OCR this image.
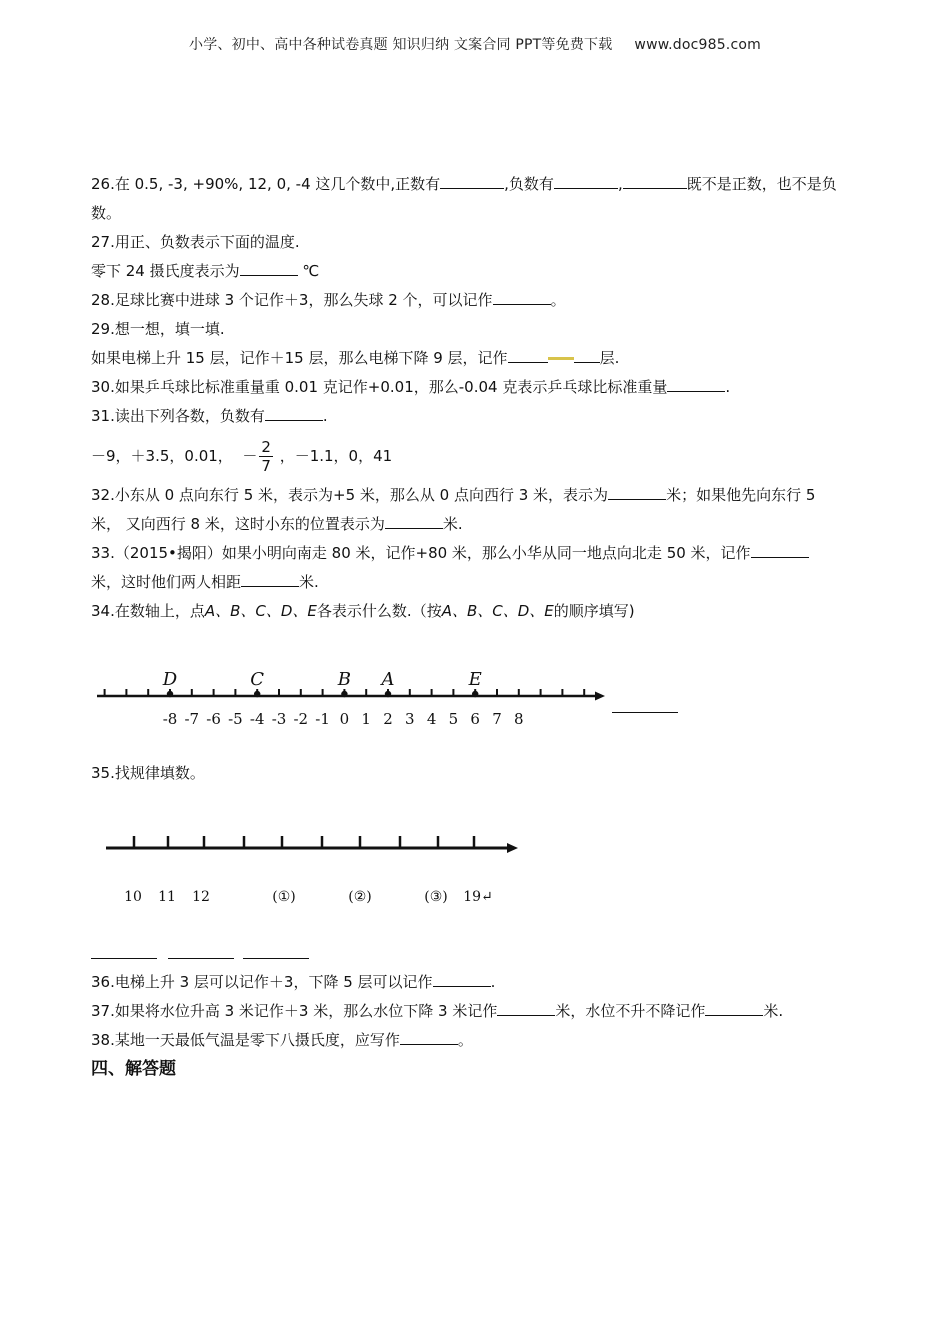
小学、初中、高中各种试卷真题 知识归纳 文案合同 PPT等免费下载 www.doc985.com
26.在 0.5, -3, +90%, 12, 0, -4 这几个数中,正数有	,负数有	,	既不是正数，也不是负
数。
27.用正、负数表示下面的温度.
零下 24 摄氏度表示为	℃
28.足球比赛中进球 3 个记作＋3，那么失球 2 个，可以记作	。
29.想一想，填一填.
如果电梯上升 15 层，记作＋15 层，那么电梯下降 9 层，记作	层.
30.如果乒乓球比标准重量重 0.01 克记作+0.01，那么-0.04 克表示乒乓球比标准重量	.
31.读出下列各数，负数有	.
－9，＋3.5，0.01， － $\frac{2}{7}$ ，－1.1，0，41
32.小东从 0 点向东行 5 米，表示为+5 米，那么从 0 点向西行 3 米，表示为	米；如果他先向东行 5
米， 又向西行 8 米，这时小东的位置表示为	米.
33.（2015•揭阳）如果小明向南走 80 米，记作+80 米，那么小华从同一地点向北走 50 米，记作
米，这时他们两人相距	米.
34.在数轴上，点A、B、C、D、E各表示什么数.（按A、B、C、D、E的顺序填写)
-8 -7 -6 -5 -4 -3 -2 -1 0 1 2 3 4 5 6 7 8
D	C	B A	E
35.找规律填数。
10 11 12	(①)	(②)	(③) 19↵
36.电梯上升 3 层可以记作＋3，下降 5 层可以记作	.
37.如果将水位升高 3 米记作＋3 米，那么水位下降 3 米记作	米，水位不升不降记作	米.
38.某地一天最低气温是零下八摄氏度，应写作	。
四、解答题
